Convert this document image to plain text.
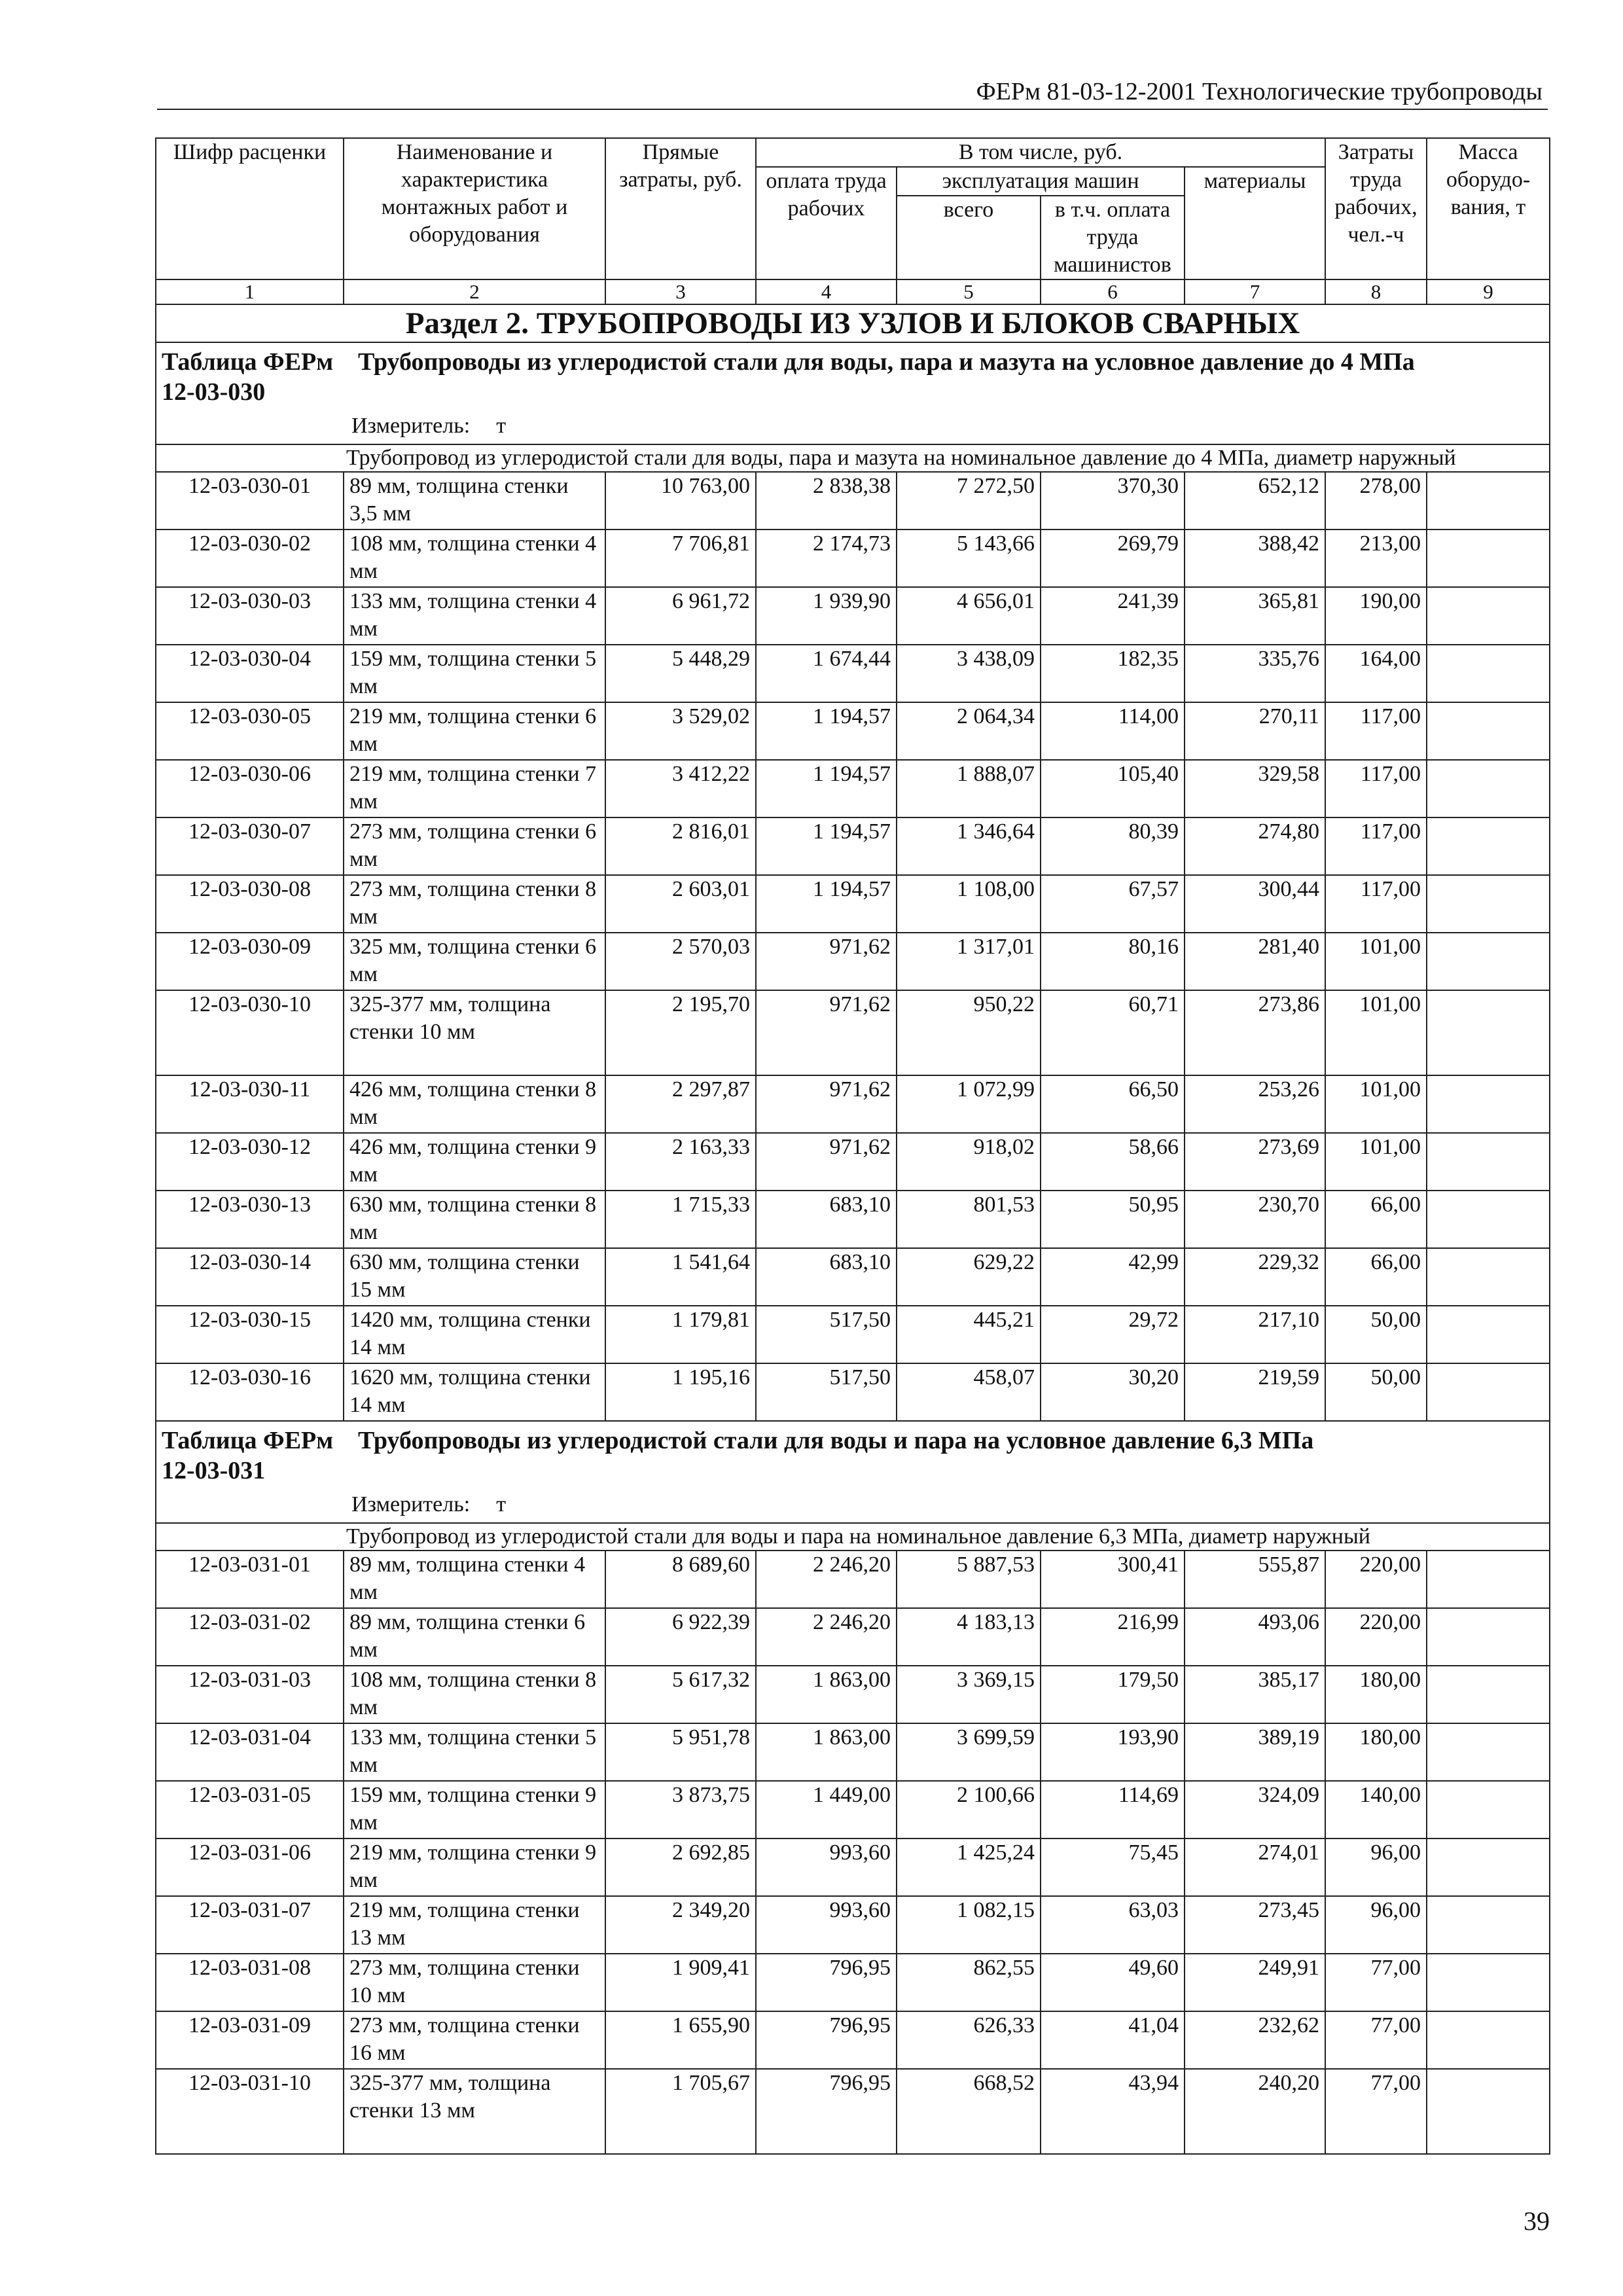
ФЕРм 81-03-12-2001 Технологические трубопроводы
Шифр расценки	Наименование и характеристика монтажных работ и оборудования	Прямые затраты, руб.	В том числе, руб.				Затраты труда рабочих, чел.-ч	Масса оборудо-вания, т
			оплата труда рабочих	эксплуатация машин		материалы		
				всего	в т.ч. оплата труда машинистов			
1	2	3	4	5	6	7	8	9
Раздел 2. ТРУБОПРОВОДЫ ИЗ УЗЛОВ И БЛОКОВ СВАРНЫХ								

Таблица ФЕРм 12-03-030
Трубопроводы из углеродистой стали для воды, пара и мазута на условное давление до 4 МПа
Измеритель: т								

Трубопровод из углеродистой стали для воды, пара и мазута на номинальное давление до 4 МПа, диаметр наружный								
12-03-030-01	89 мм, толщина стенки 3,5 мм	10 763,00	2 838,38	7 272,50	370,30	652,12	278,00	
12-03-030-02	108 мм, толщина стенки 4 мм	7 706,81	2 174,73	5 143,66	269,79	388,42	213,00	
12-03-030-03	133 мм, толщина стенки 4 мм	6 961,72	1 939,90	4 656,01	241,39	365,81	190,00	
12-03-030-04	159 мм, толщина стенки 5 мм	5 448,29	1 674,44	3 438,09	182,35	335,76	164,00	
12-03-030-05	219 мм, толщина стенки 6 мм	3 529,02	1 194,57	2 064,34	114,00	270,11	117,00	
12-03-030-06	219 мм, толщина стенки 7 мм	3 412,22	1 194,57	1 888,07	105,40	329,58	117,00	
12-03-030-07	273 мм, толщина стенки 6 мм	2 816,01	1 194,57	1 346,64	80,39	274,80	117,00	
12-03-030-08	273 мм, толщина стенки 8 мм	2 603,01	1 194,57	1 108,00	67,57	300,44	117,00	
12-03-030-09	325 мм, толщина стенки 6 мм	2 570,03	971,62	1 317,01	80,16	281,40	101,00	
12-03-030-10	325-377 мм, толщина стенки 10 мм	2 195,70	971,62	950,22	60,71	273,86	101,00	
12-03-030-11	426 мм, толщина стенки 8 мм	2 297,87	971,62	1 072,99	66,50	253,26	101,00	
12-03-030-12	426 мм, толщина стенки 9 мм	2 163,33	971,62	918,02	58,66	273,69	101,00	
12-03-030-13	630 мм, толщина стенки 8 мм	1 715,33	683,10	801,53	50,95	230,70	66,00	
12-03-030-14	630 мм, толщина стенки 15 мм	1 541,64	683,10	629,22	42,99	229,32	66,00	
12-03-030-15	1420 мм, толщина стенки 14 мм	1 179,81	517,50	445,21	29,72	217,10	50,00	
12-03-030-16	1620 мм, толщина стенки 14 мм	1 195,16	517,50	458,07	30,20	219,59	50,00	

Таблица ФЕРм 12-03-031
Трубопроводы из углеродистой стали для воды и пара на условное давление 6,3 МПа
Измеритель: т								

Трубопровод из углеродистой стали для воды и пара на номинальное давление 6,3 МПа, диаметр наружный								
12-03-031-01	89 мм, толщина стенки 4 мм	8 689,60	2 246,20	5 887,53	300,41	555,87	220,00	
12-03-031-02	89 мм, толщина стенки 6 мм	6 922,39	2 246,20	4 183,13	216,99	493,06	220,00	
12-03-031-03	108 мм, толщина стенки 8 мм	5 617,32	1 863,00	3 369,15	179,50	385,17	180,00	
12-03-031-04	133 мм, толщина стенки 5 мм	5 951,78	1 863,00	3 699,59	193,90	389,19	180,00	
12-03-031-05	159 мм, толщина стенки 9 мм	3 873,75	1 449,00	2 100,66	114,69	324,09	140,00	
12-03-031-06	219 мм, толщина стенки 9 мм	2 692,85	993,60	1 425,24	75,45	274,01	96,00	
12-03-031-07	219 мм, толщина стенки 13 мм	2 349,20	993,60	1 082,15	63,03	273,45	96,00	
12-03-031-08	273 мм, толщина стенки 10 мм	1 909,41	796,95	862,55	49,60	249,91	77,00	
12-03-031-09	273 мм, толщина стенки 16 мм	1 655,90	796,95	626,33	41,04	232,62	77,00	
12-03-031-10	325-377 мм, толщина стенки 13 мм	1 705,67	796,95	668,52	43,94	240,20	77,00	
39
